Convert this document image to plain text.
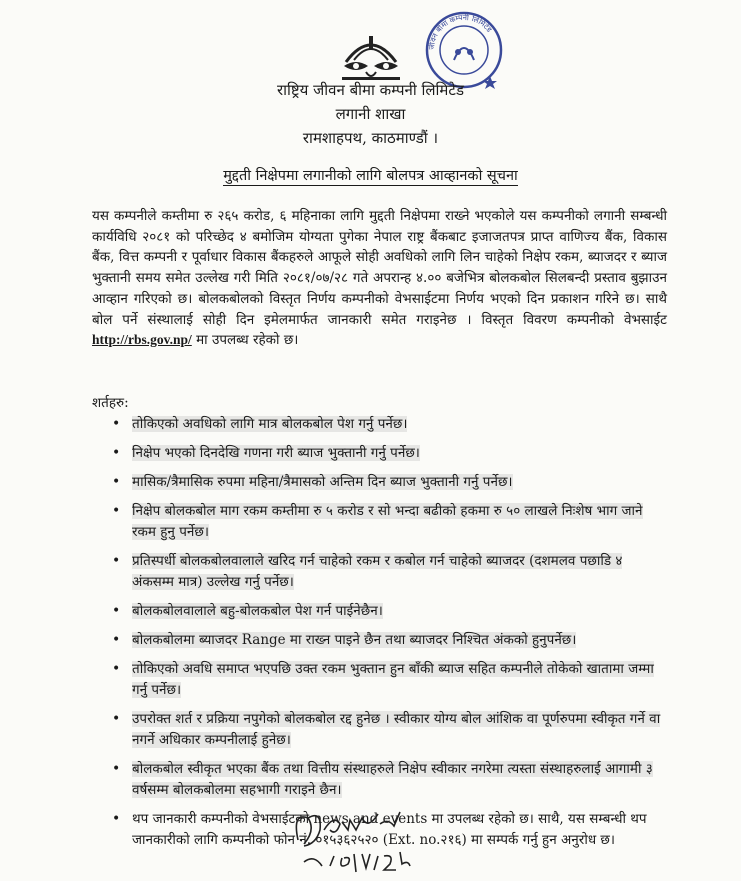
जीवन बीमा कम्पनी लिमिटेड
राष्ट्रिय जीवन बीमा कम्पनी लिमिटेड
लगानी शाखा
रामशाहपथ, काठमाण्डौं ।
मुद्दती निक्षेपमा लगानीको लागि बोलपत्र आव्हानको सूचना
यस कम्पनीले कम्तीमा रु २६५ करोड, ६ महिनाका लागि मुद्दती निक्षेपमा राख्ने भएकोले यस कम्पनीको लगानी सम्बन्धी कार्यविधि २०८१ को परिच्छेद ४ बमोजिम योग्यता पुगेका नेपाल राष्ट्र बैंकबाट इजाजतपत्र प्राप्त वाणिज्य बैंक, विकास बैंक, वित्त कम्पनी र पूर्वाधार विकास बैंकहरुले आफूले सोही अवधिको लागि लिन चाहेको निक्षेप रकम, ब्याजदर र ब्याज भुक्तानी समय समेत उल्लेख गरी मिति २०८१/०७/२८ गते अपरान्ह ४.०० बजेभित्र बोलकबोल सिलबन्दी प्रस्ताव बुझाउन आव्हान गरिएको छ। बोलकबोलको विस्तृत निर्णय कम्पनीको वेभसाईटमा निर्णय भएको दिन प्रकाशन गरिने छ। साथै बोल पर्ने संस्थालाई सोही दिन इमेलमार्फत जानकारी समेत गराइनेछ । विस्तृत विवरण कम्पनीको वेभसाईट http://rbs.gov.np/ मा उपलब्ध रहेको छ।
शर्तहरु:
• तोकिएको अवधिको लागि मात्र बोलकबोल पेश गर्नु पर्नेछ।
• निक्षेप भएको दिनदेखि गणना गरी ब्याज भुक्तानी गर्नु पर्नेछ।
• मासिक/त्रैमासिक रुपमा महिना/त्रैमासको अन्तिम दिन ब्याज भुक्तानी गर्नु पर्नेछ।
• निक्षेप बोलकबोल माग रकम कम्तीमा रु ५ करोड र सो भन्दा बढीको हकमा रु ५० लाखले निःशेष भाग जाने रकम हुनु पर्नेछ।
• प्रतिस्पर्धी बोलकबोलवालाले खरिद गर्न चाहेको रकम र कबोल गर्न चाहेको ब्याजदर (दशमलव पछाडि ४ अंकसम्म मात्र) उल्लेख गर्नु पर्नेछ।
• बोलकबोलवालाले बहु-बोलकबोल पेश गर्न पाईनेछैन।
• बोलकबोलमा ब्याजदर Range मा राख्न पाइने छैन तथा ब्याजदर निश्चित अंकको हुनुपर्नेछ।
• तोकिएको अवधि समाप्त भएपछि उक्त रकम भुक्तान हुन बाँकी ब्याज सहित कम्पनीले तोकेको खातामा जम्मा गर्नु पर्नेछ।
• उपरोक्त शर्त र प्रक्रिया नपुगेको बोलकबोल रद्द हुनेछ । स्वीकार योग्य बोल आंशिक वा पूर्णरुपमा स्वीकृत गर्ने वा नगर्ने अधिकार कम्पनीलाई हुनेछ।
• बोलकबोल स्वीकृत भएका बैंक तथा वित्तीय संस्थाहरुले निक्षेप स्वीकार नगरेमा त्यस्ता संस्थाहरुलाई आगामी ३ वर्षसम्म बोलकबोलमा सहभागी गराइने छैन।
• थप जानकारी कम्पनीको वेभसाईटको news and events मा उपलब्ध रहेको छ। साथै, यस सम्बन्धी थप जानकारीको लागि कम्पनीको फोन नं. ०१५३६२५२० (Ext. no.२१६) मा सम्पर्क गर्नु हुन अनुरोध छ।
